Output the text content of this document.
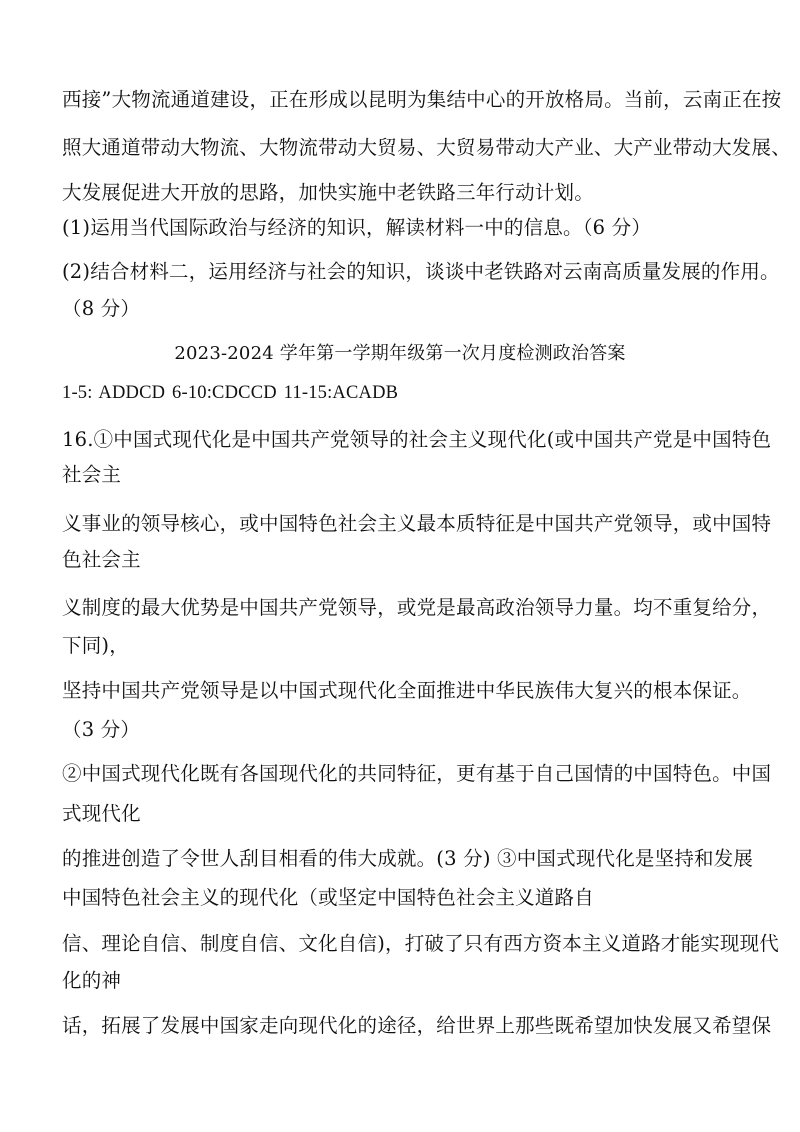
西接”大物流通道建设，正在形成以昆明为集结中心的开放格局。当前，云南正在按
照大通道带动大物流、大物流带动大贸易、大贸易带动大产业、大产业带动大发展、
大发展促进大开放的思路，加快实施中老铁路三年行动计划。
(1)运用当代国际政治与经济的知识，解读材料一中的信息。（6 分）
(2)结合材料二，运用经济与社会的知识，谈谈中老铁路对云南高质量发展的作用。
（8 分）
2023-2024 学年第一学期年级第一次月度检测政治答案
1-5: ADDCD 6-10:CDCCD 11-15:ACADB
16.①中国式现代化是中国共产党领导的社会主义现代化(或中国共产党是中国特色
社会主
义事业的领导核心，或中国特色社会主义最本质特征是中国共产党领导，或中国特
色社会主
义制度的最大优势是中国共产党领导，或党是最高政治领导力量。均不重复给分，
下同)，
坚持中国共产党领导是以中国式现代化全面推进中华民族伟大复兴的根本保证。
（3 分）
②中国式现代化既有各国现代化的共同特征，更有基于自己国情的中国特色。中国
式现代化
的推进创造了令世人刮目相看的伟大成就。(3 分) ③中国式现代化是坚持和发展
中国特色社会主义的现代化（或坚定中国特色社会主义道路自
信、理论自信、制度自信、文化自信)，打破了只有西方资本主义道路才能实现现代
化的神
话，拓展了发展中国家走向现代化的途径，给世界上那些既希望加快发展又希望保
